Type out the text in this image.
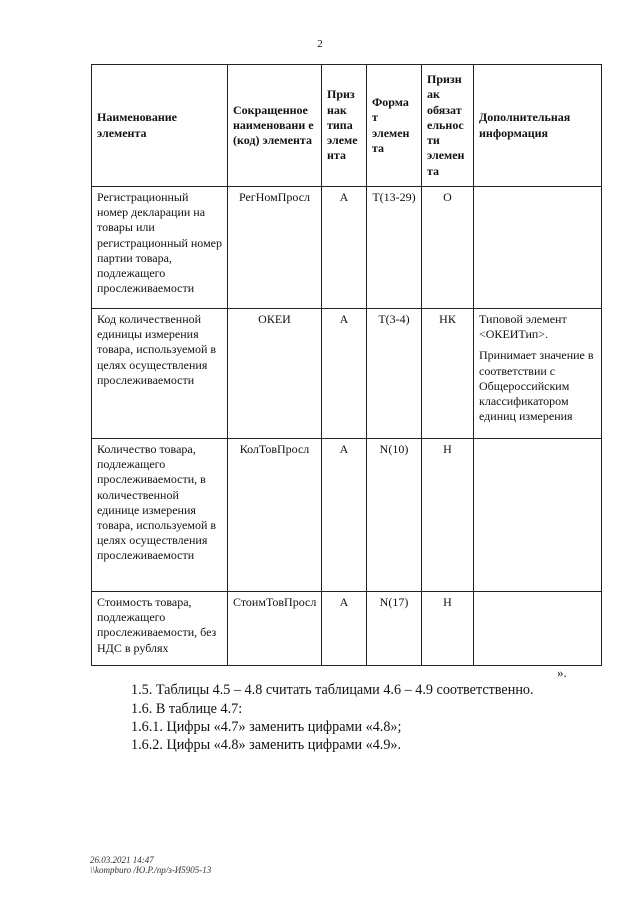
2
Наименование элемента	Сокращенное наименовани е (код) элемента	Приз нак типа элеме нта	Форма т элемен та	Призн ак обязат ельнос ти элемен та	Дополнительная информация
Регистрационный номер декларации на товары или регистрационный номер партии товара, подлежащего прослеживаемости	РегНомПросл	А	T(13-29)	О	
Код количественной единицы измерения товара, используемой в целях осуществления прослеживаемости	ОКЕИ	А	T(3-4)	НК	Типовой элемент <ОКЕИТип>.

Принимает значение в соответствии с Общероссийским классификатором единиц измерения

Количество товара, подлежащего прослеживаемости, в количественной единице измерения товара, используемой в целях осуществления прослеживаемости	КолТовПросл	А	N(10)	Н	
Стоимость товара, подлежащего прослеживаемости, без НДС в рублях	СтоимТовПросл	А	N(17)	Н	
».
1.5. Таблицы 4.5 – 4.8 считать таблицами 4.6 – 4.9 соответственно.
1.6. В таблице 4.7:
1.6.1. Цифры «4.7» заменить цифрами «4.8»;
1.6.2. Цифры «4.8» заменить цифрами «4.9».
26.03.2021 14:47
\\kompburo /Ю.Р./пр/з-И5905-13
